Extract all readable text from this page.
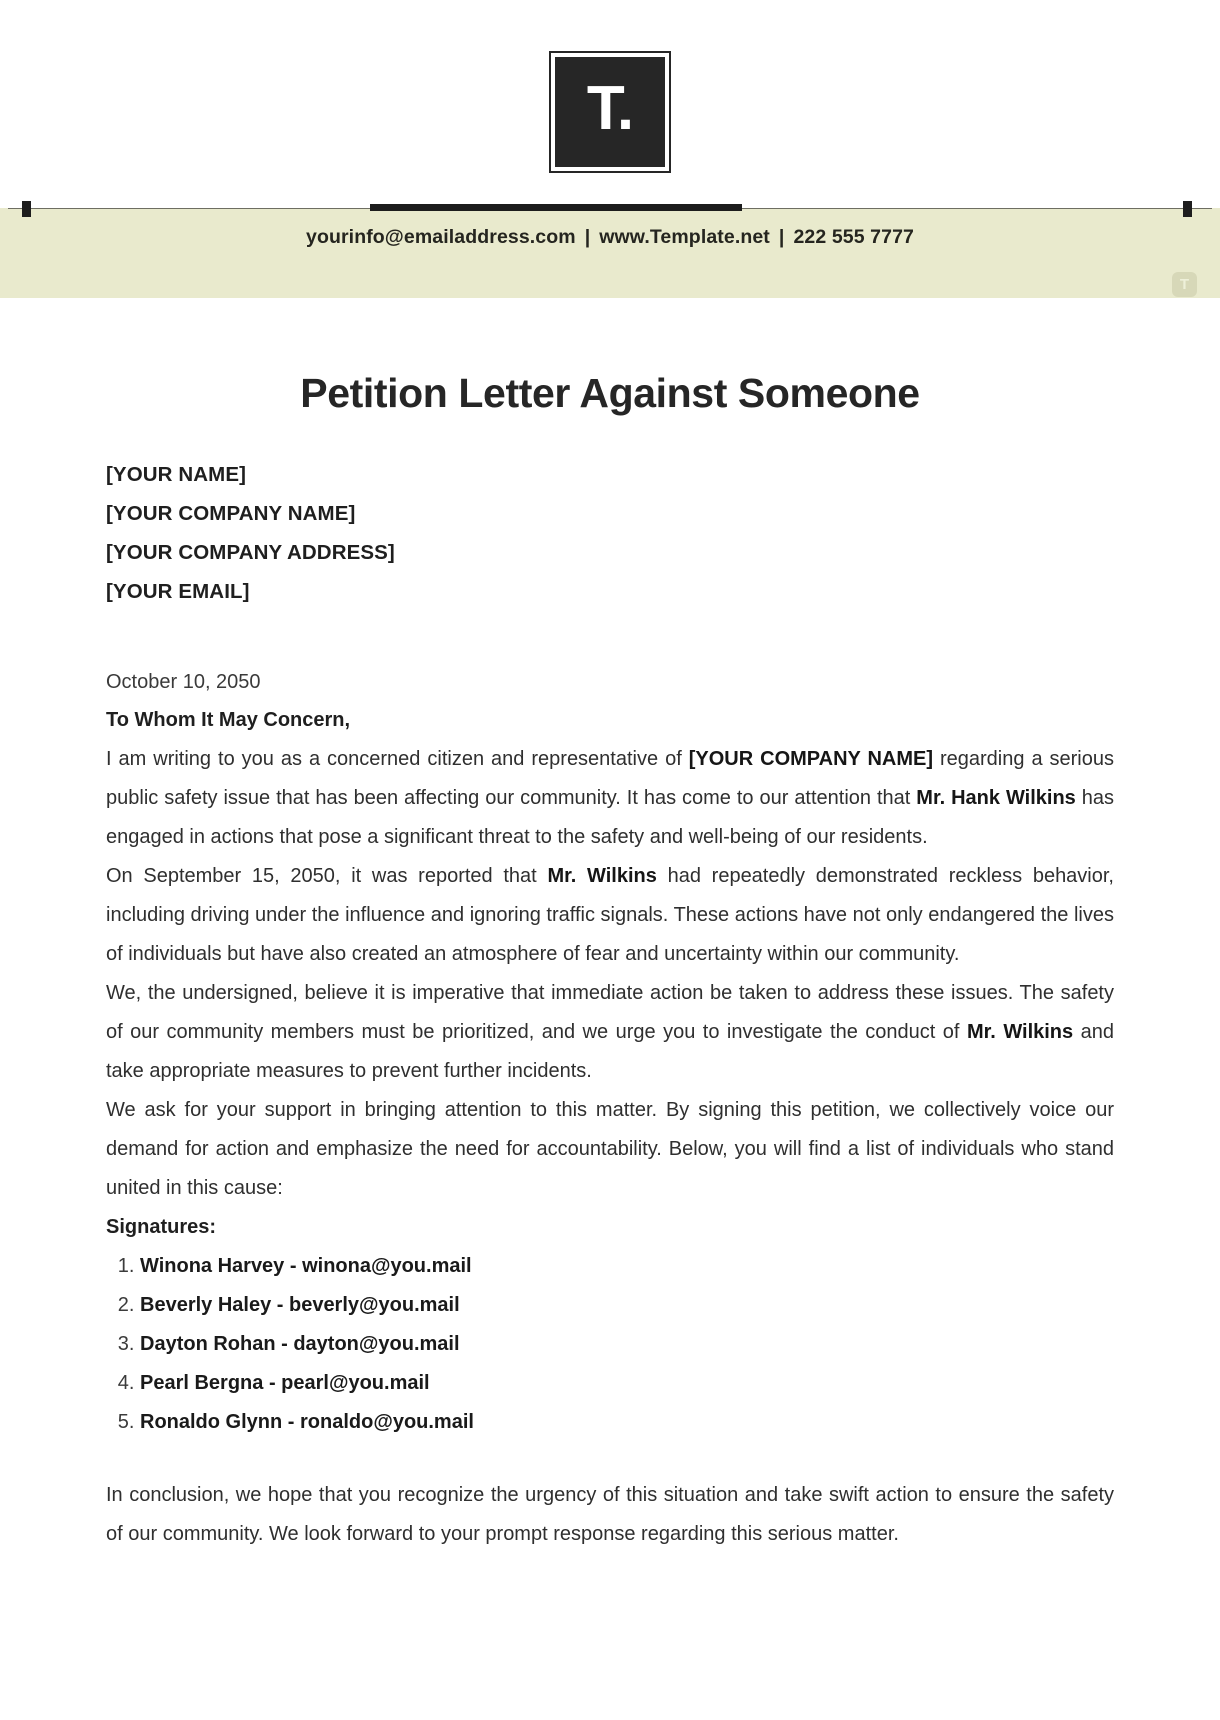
T.
yourinfo@emailaddress.com | www.Template.net | 222 555 7777
T
Petition Letter Against Someone
[YOUR NAME]
[YOUR COMPANY NAME]
[YOUR COMPANY ADDRESS]
[YOUR EMAIL]
October 10, 2050
To Whom It May Concern,

I am writing to you as a concerned citizen and representative of [YOUR COMPANY NAME] regarding a serious public safety issue that has been affecting our community. It has come to our attention that Mr. Hank Wilkins has engaged in actions that pose a significant threat to the safety and well-being of our residents.

On September 15, 2050, it was reported that Mr. Wilkins had repeatedly demonstrated reckless behavior, including driving under the influence and ignoring traffic signals. These actions have not only endangered the lives of individuals but have also created an atmosphere of fear and uncertainty within our community.

We, the undersigned, believe it is imperative that immediate action be taken to address these issues. The safety of our community members must be prioritized, and we urge you to investigate the conduct of Mr. Wilkins and take appropriate measures to prevent further incidents.

We ask for your support in bringing attention to this matter. By signing this petition, we collectively voice our demand for action and emphasize the need for accountability. Below, you will find a list of individuals who stand united in this cause:

Signatures:
1. Winona Harvey - winona@you.mail
2. Beverly Haley - beverly@you.mail
3. Dayton Rohan - dayton@you.mail
4. Pearl Bergna - pearl@you.mail
5. Ronaldo Glynn - ronaldo@you.mail

In conclusion, we hope that you recognize the urgency of this situation and take swift action to ensure the safety of our community. We look forward to your prompt response regarding this serious matter.
